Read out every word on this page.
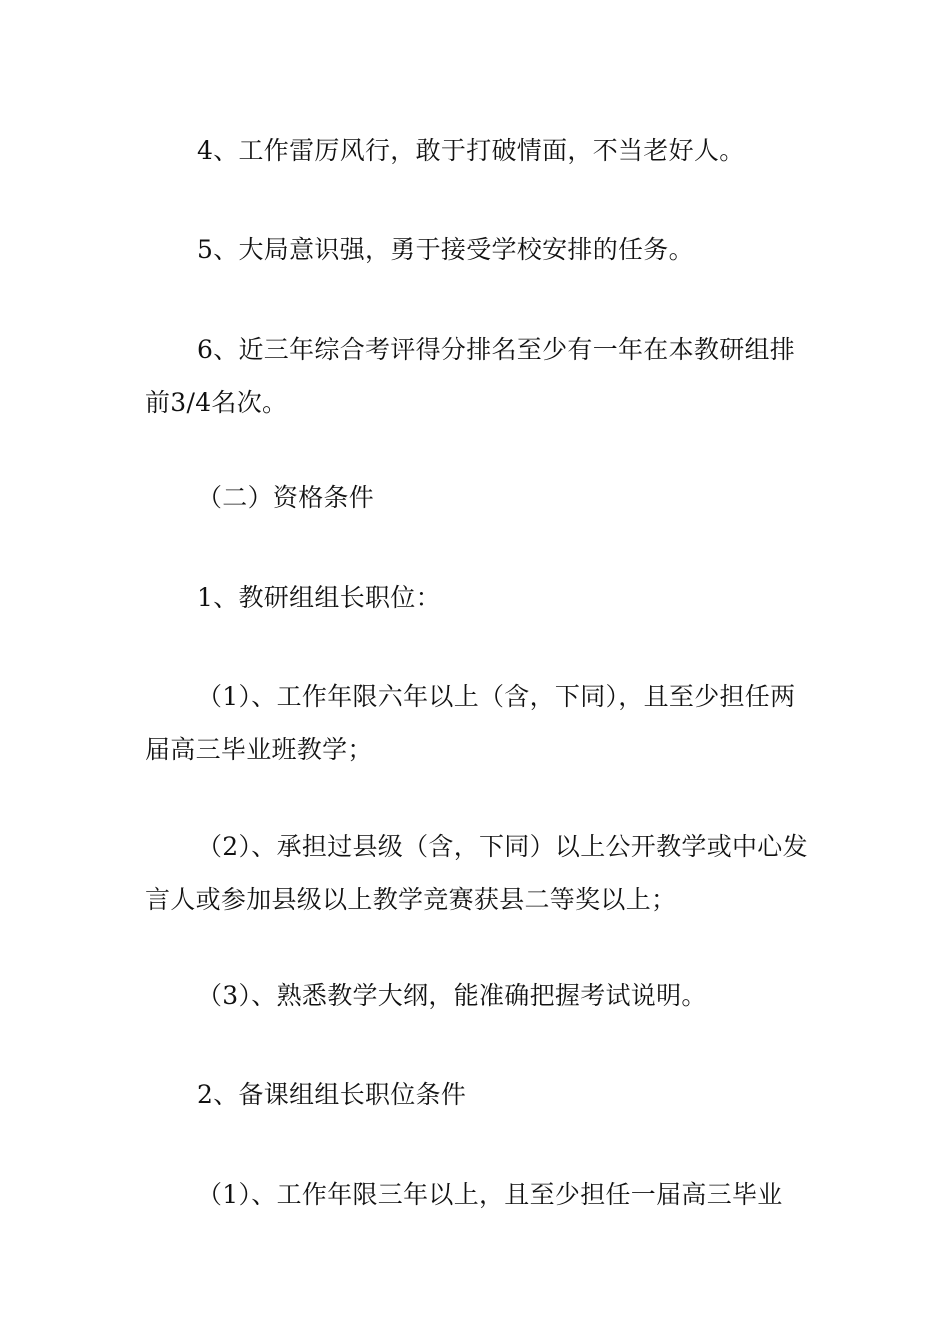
4、工作雷厉风行，敢于打破情面，不当老好人。

5、大局意识强，勇于接受学校安排的任务。

6、近三年综合考评得分排名至少有一年在本教研组排前3/4名次。

（二）资格条件

1、教研组组长职位：

（1）、工作年限六年以上（含，下同），且至少担任两届高三毕业班教学；

（2）、承担过县级（含，下同）以上公开教学或中心发言人或参加县级以上教学竞赛获县二等奖以上；

（3）、熟悉教学大纲，能准确把握考试说明。

2、备课组组长职位条件

（1）、工作年限三年以上，且至少担任一届高三毕业
